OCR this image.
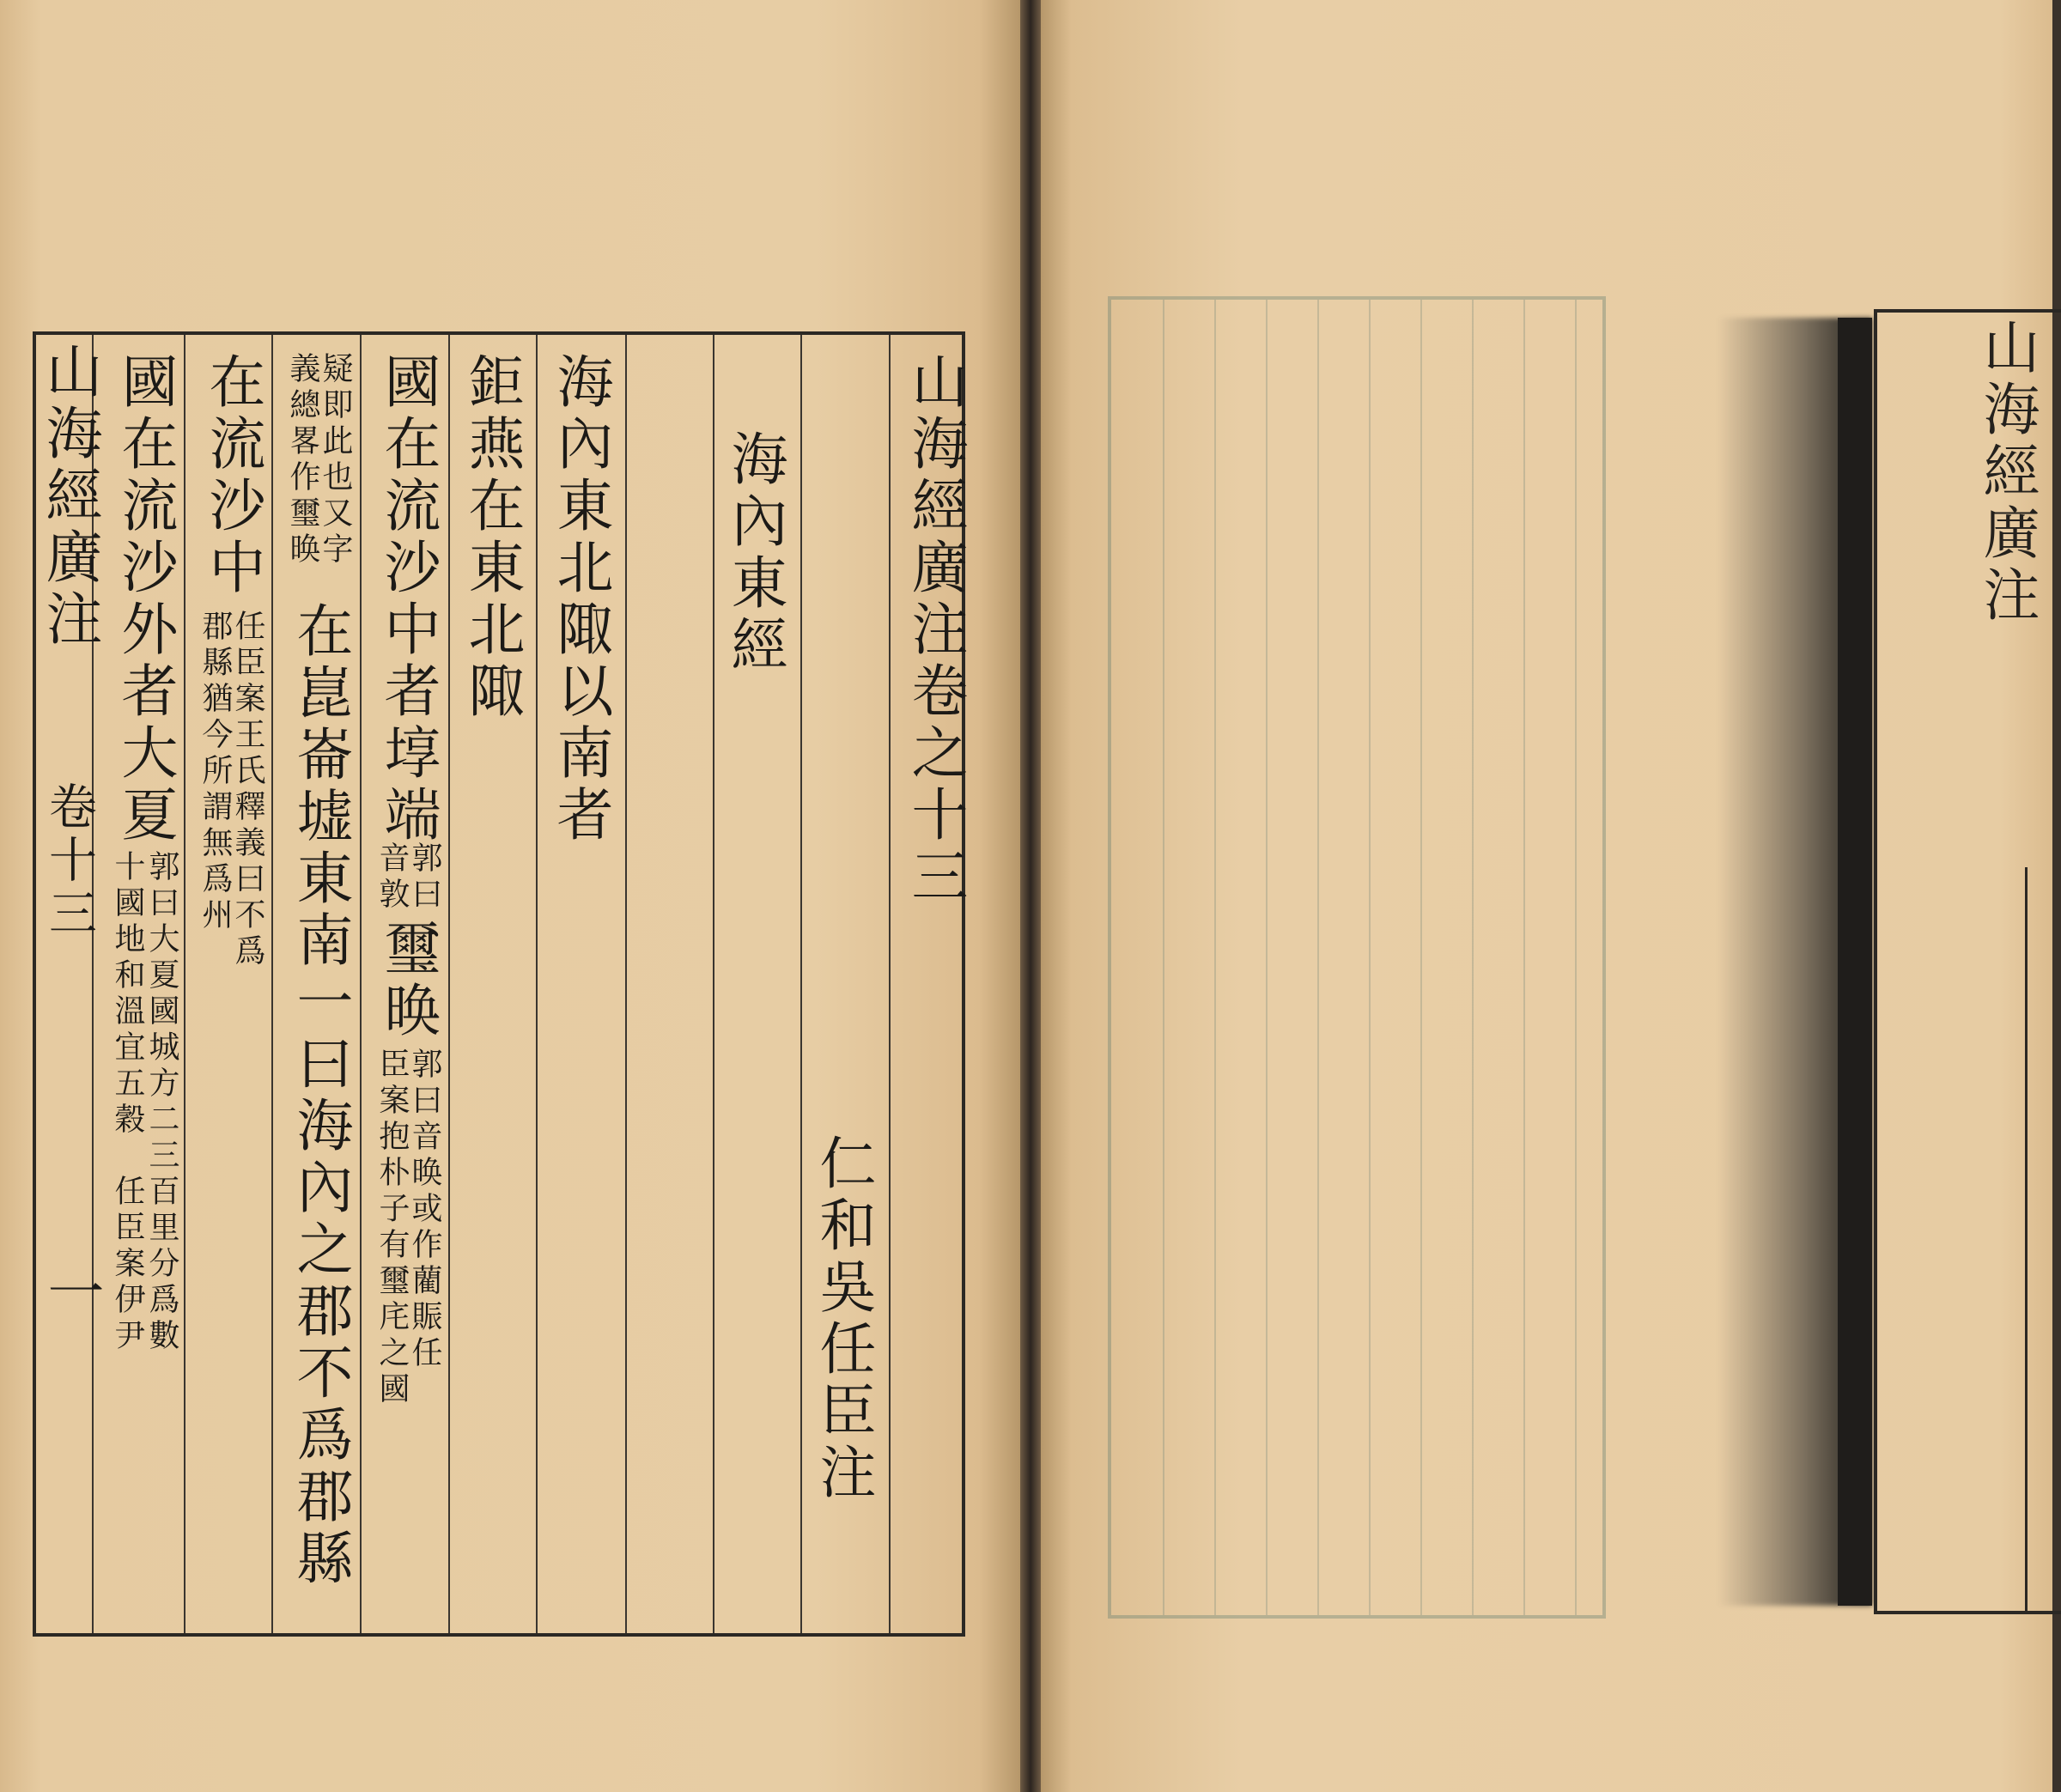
山海經廣注
卷十三
一
山海經廣注卷之十三
海內東經
仁和吳任臣注
海內東北陬以南者
鉅燕在東北陬
國在流沙中者埻端
郭曰
音敦
璽㬇
郭曰音㬇或作藺賑任
臣案抱朴子有璽㡯之國
疑即此也又字
義總畧作璽㬇
在崑崙墟東南一曰海內之郡不爲郡縣
在流沙中
任臣案王氏釋義曰不爲
郡縣猶今所謂無爲州
國在流沙外者大夏
郭曰大夏國城方二三百里分爲數
十國地和溫宜五穀　任臣案伊尹
山海經廣注
